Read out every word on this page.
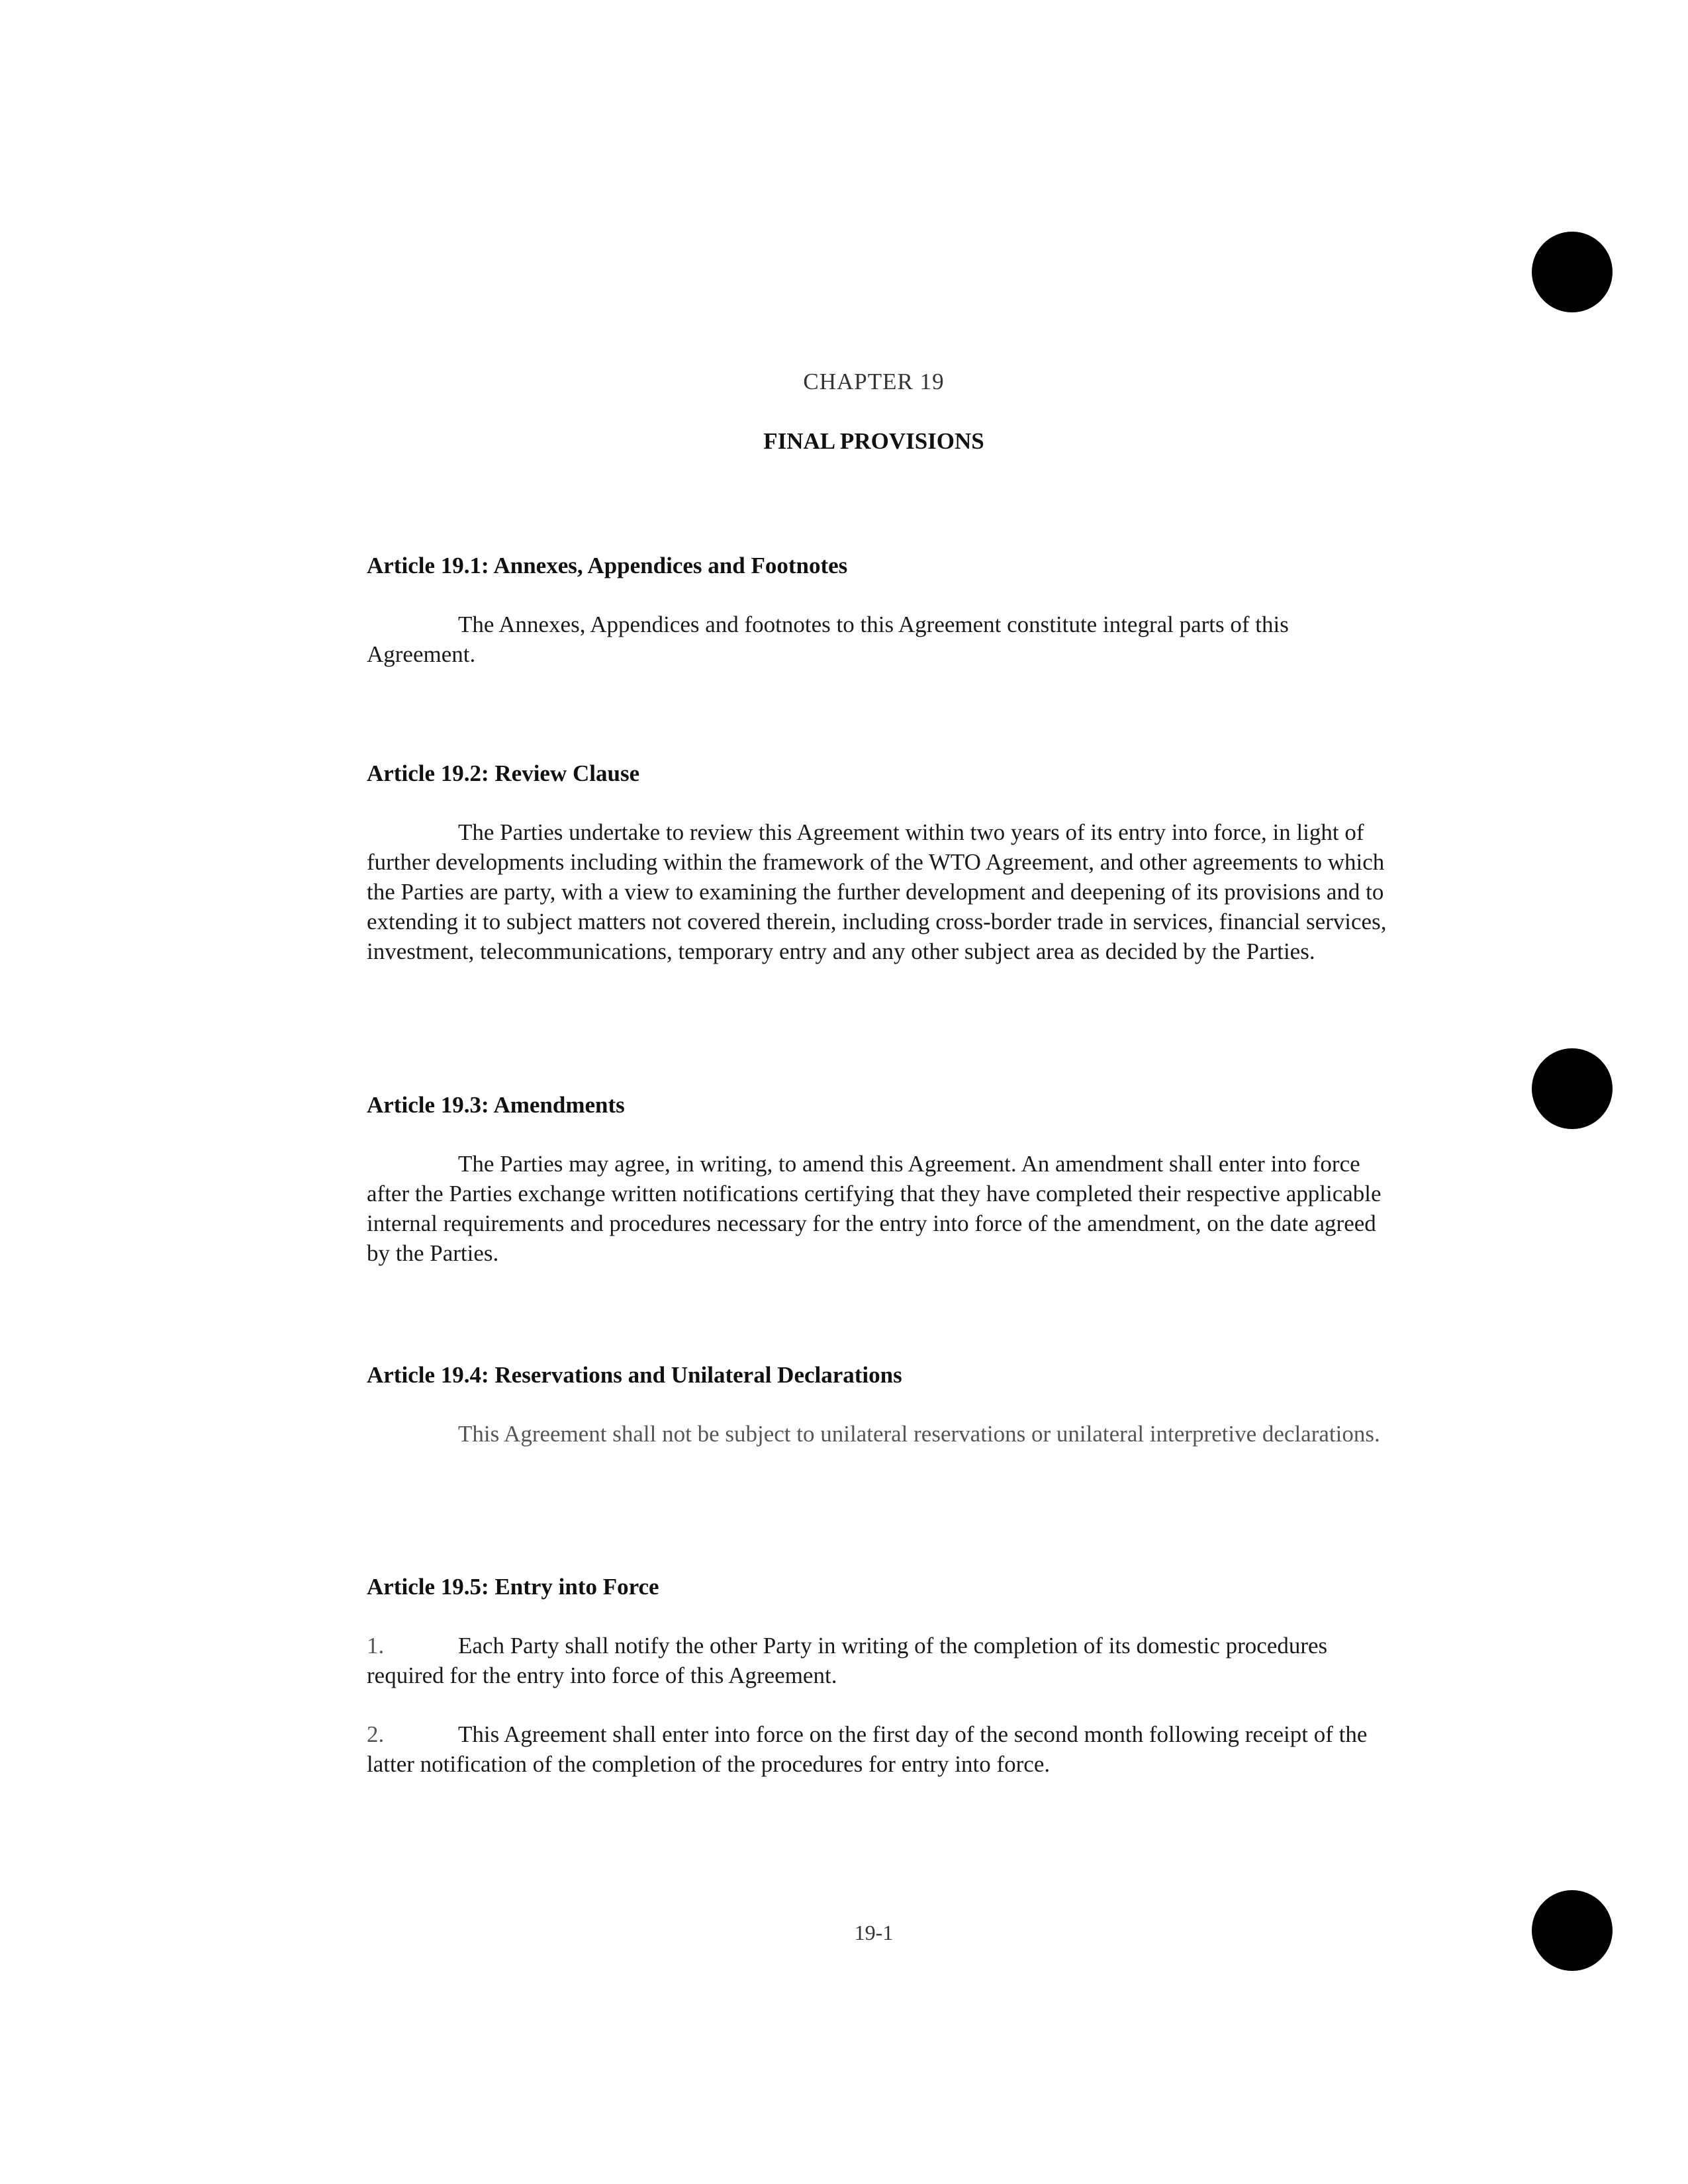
CHAPTER 19
FINAL PROVISIONS

Article 19.1: Annexes, Appendices and Footnotes

The Annexes, Appendices and footnotes to this Agreement constitute integral parts of this Agreement.

Article 19.2: Review Clause

The Parties undertake to review this Agreement within two years of its entry into force, in light of further developments including within the framework of the WTO Agreement, and other agreements to which the Parties are party, with a view to examining the further development and deepening of its provisions and to extending it to subject matters not covered therein, including cross-border trade in services, financial services, investment, telecommunications, temporary entry and any other subject area as decided by the Parties.

Article 19.3: Amendments

The Parties may agree, in writing, to amend this Agreement. An amendment shall enter into force after the Parties exchange written notifications certifying that they have completed their respective applicable internal requirements and procedures necessary for the entry into force of the amendment, on the date agreed by the Parties.

Article 19.4: Reservations and Unilateral Declarations

This Agreement shall not be subject to unilateral reservations or unilateral interpretive declarations.

Article 19.5: Entry into Force

1.	Each Party shall notify the other Party in writing of the completion of its domestic procedures required for the entry into force of this Agreement.

2.	This Agreement shall enter into force on the first day of the second month following receipt of the latter notification of the completion of the procedures for entry into force.

19-1
